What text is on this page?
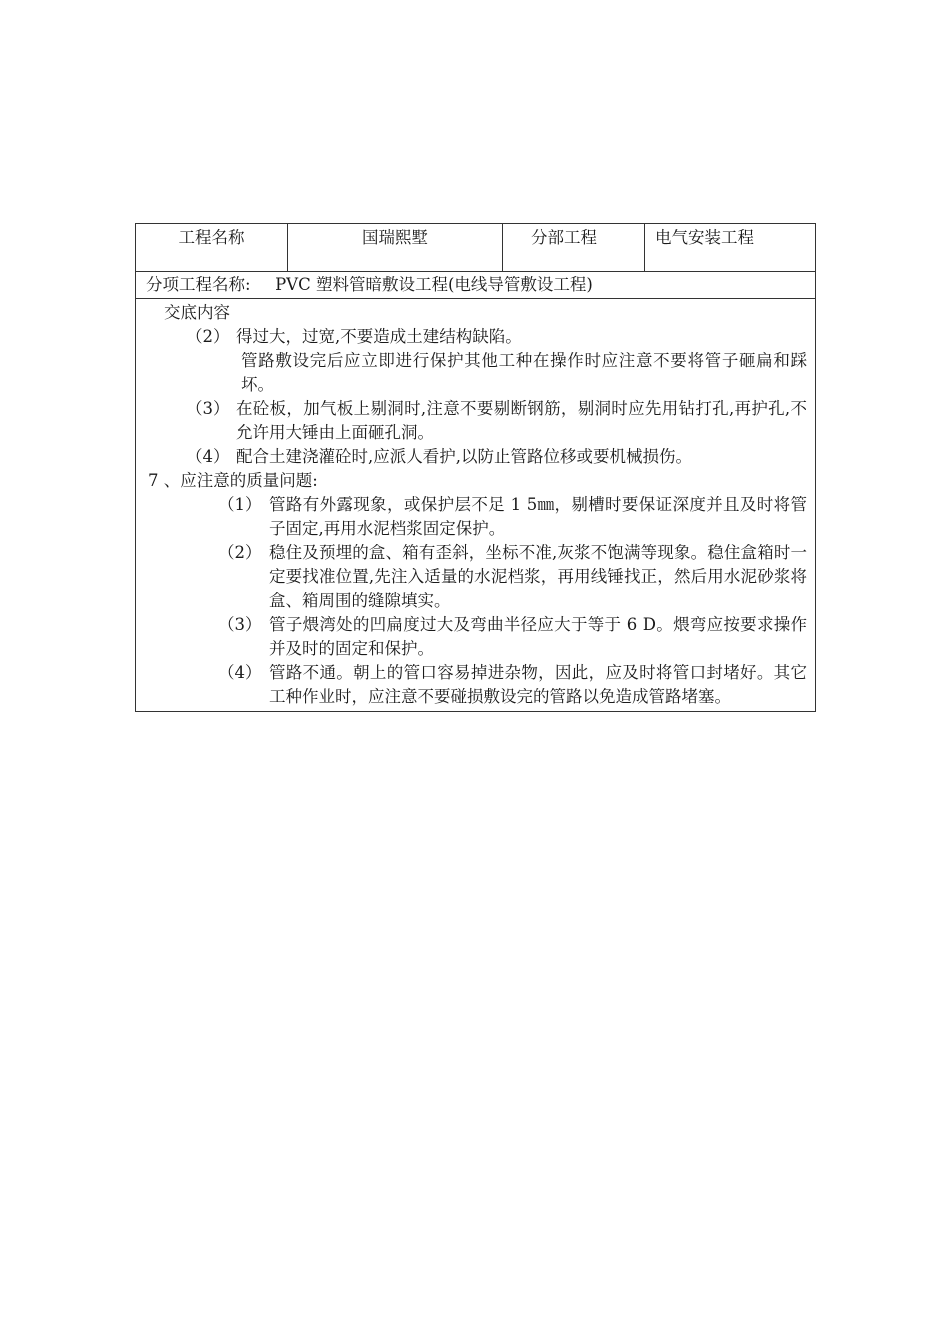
工程名称	国瑞熙墅	分部工程	电气安装工程
分项工程名称: PVC 塑料管暗敷设工程(电线导管敷设工程)

交底内容
（2） 得过大，过宽,不要造成土建结构缺陷。
管路敷设完后应立即进行保护其他工种在操作时应注意不要将管子砸扁和踩坏。
（3） 在砼板，加气板上剔洞时,注意不要剔断钢筋，剔洞时应先用钻打孔,再护孔,不允许用大锤由上面砸孔洞。
（4） 配合土建浇灌砼时,应派人看护,以防止管路位移或要机械损伤。
7 、应注意的质量问题:
（1） 管路有外露现象，或保护层不足 1 5㎜，剔槽时要保证深度并且及时将管子固定,再用水泥档浆固定保护。
（2） 稳住及预埋的盒、箱有歪斜，坐标不准,灰浆不饱满等现象。稳住盒箱时一定要找准位置,先注入适量的水泥档浆，再用线锤找正，然后用水泥砂浆将盒、箱周围的缝隙填实。
（3） 管子煨湾处的凹扁度过大及弯曲半径应大于等于 6 D。煨弯应按要求操作并及时的固定和保护。
（4） 管路不通。朝上的管口容易掉进杂物，因此，应及时将管口封堵好。其它工种作业时，应注意不要碰损敷设完的管路以免造成管路堵塞。
